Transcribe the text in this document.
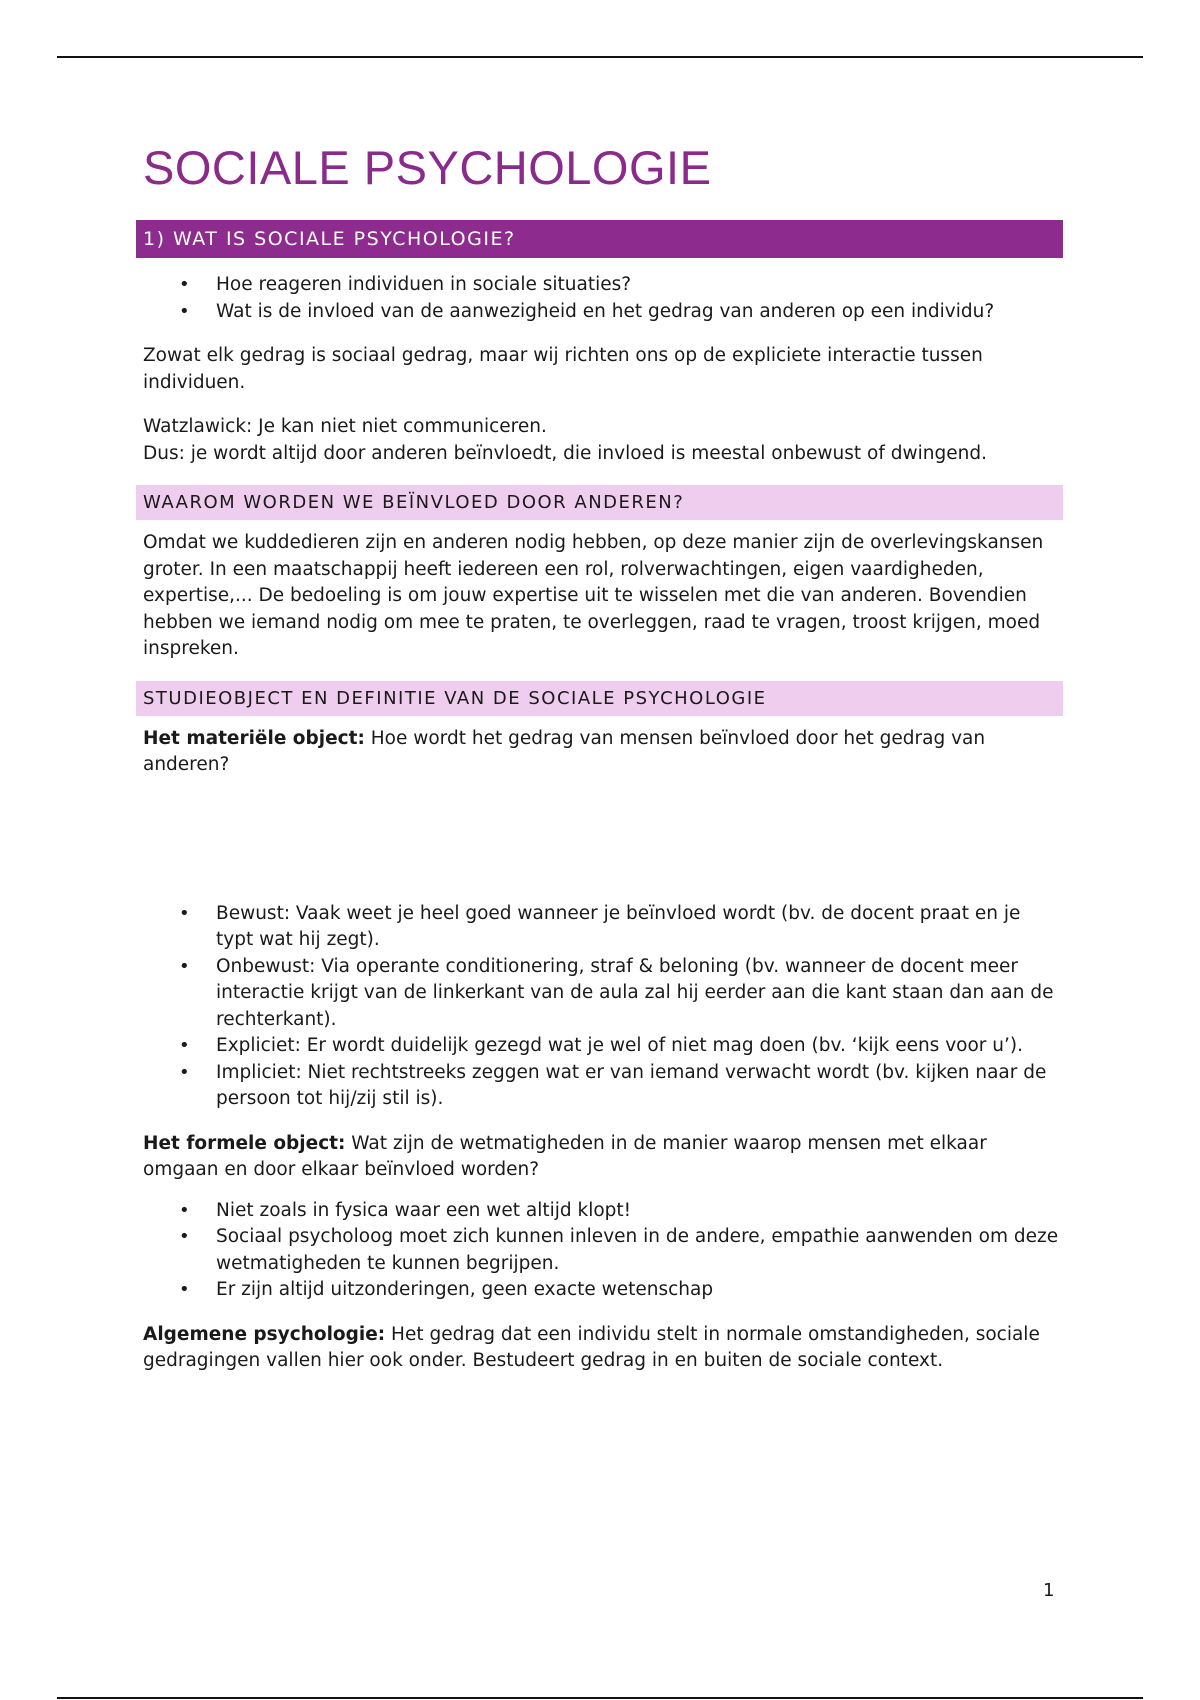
SOCIALE PSYCHOLOGIE
1) WAT IS SOCIALE PSYCHOLOGIE?
• Hoe reageren individuen in sociale situaties?
• Wat is de invloed van de aanwezigheid en het gedrag van anderen op een individu?

Zowat elk gedrag is sociaal gedrag, maar wij richten ons op de expliciete interactie tussen individuen.

Watzlawick: Je kan niet niet communiceren.

Dus: je wordt altijd door anderen beïnvloedt, die invloed is meestal onbewust of dwingend.

WAAROM WORDEN WE BEÏNVLOED DOOR ANDEREN?

Omdat we kuddedieren zijn en anderen nodig hebben, op deze manier zijn de overlevingskansen groter. In een maatschappij heeft iedereen een rol, rolverwachtingen, eigen vaardigheden, expertise,... De bedoeling is om jouw expertise uit te wisselen met die van anderen. Bovendien hebben we iemand nodig om mee te praten, te overleggen, raad te vragen, troost krijgen, moed inspreken.

STUDIEOBJECT EN DEFINITIE VAN DE SOCIALE PSYCHOLOGIE

Het materiële object: Hoe wordt het gedrag van mensen beïnvloed door het gedrag van anderen?

• Bewust: Vaak weet je heel goed wanneer je beïnvloed wordt (bv. de docent praat en je typt wat hij zegt).
• Onbewust: Via operante conditionering, straf & beloning (bv. wanneer de docent meer interactie krijgt van de linkerkant van de aula zal hij eerder aan die kant staan dan aan de rechterkant).
• Expliciet: Er wordt duidelijk gezegd wat je wel of niet mag doen (bv. ‘kijk eens voor u’).
• Impliciet: Niet rechtstreeks zeggen wat er van iemand verwacht wordt (bv. kijken naar de persoon tot hij/zij stil is).

Het formele object: Wat zijn de wetmatigheden in de manier waarop mensen met elkaar omgaan en door elkaar beïnvloed worden?

• Niet zoals in fysica waar een wet altijd klopt!
• Sociaal psycholoog moet zich kunnen inleven in de andere, empathie aanwenden om deze wetmatigheden te kunnen begrijpen.
• Er zijn altijd uitzonderingen, geen exacte wetenschap

Algemene psychologie: Het gedrag dat een individu stelt in normale omstandigheden, sociale gedragingen vallen hier ook onder. Bestudeert gedrag in en buiten de sociale context.

1
